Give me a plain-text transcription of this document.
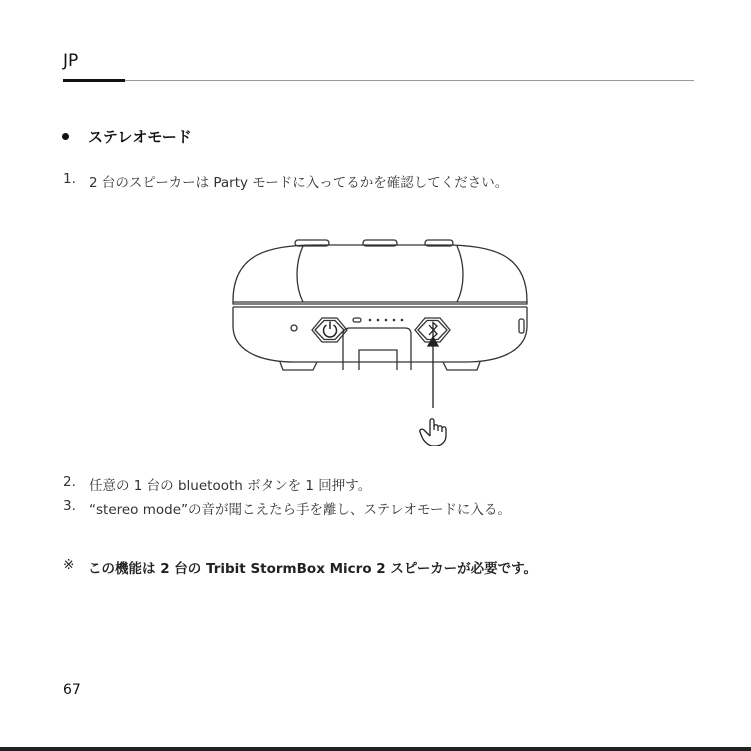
JP
ステレオモード
1. 2 台のスピーカーは Party モードに入ってるかを確認してください。
2. 任意の 1 台の bluetooth ボタンを 1 回押す。
3. “stereo mode”の音が聞こえたら手を離し、ステレオモードに入る。
※	この機能は 2 台の Tribit StormBox Micro 2 スピーカーが必要です。
67
